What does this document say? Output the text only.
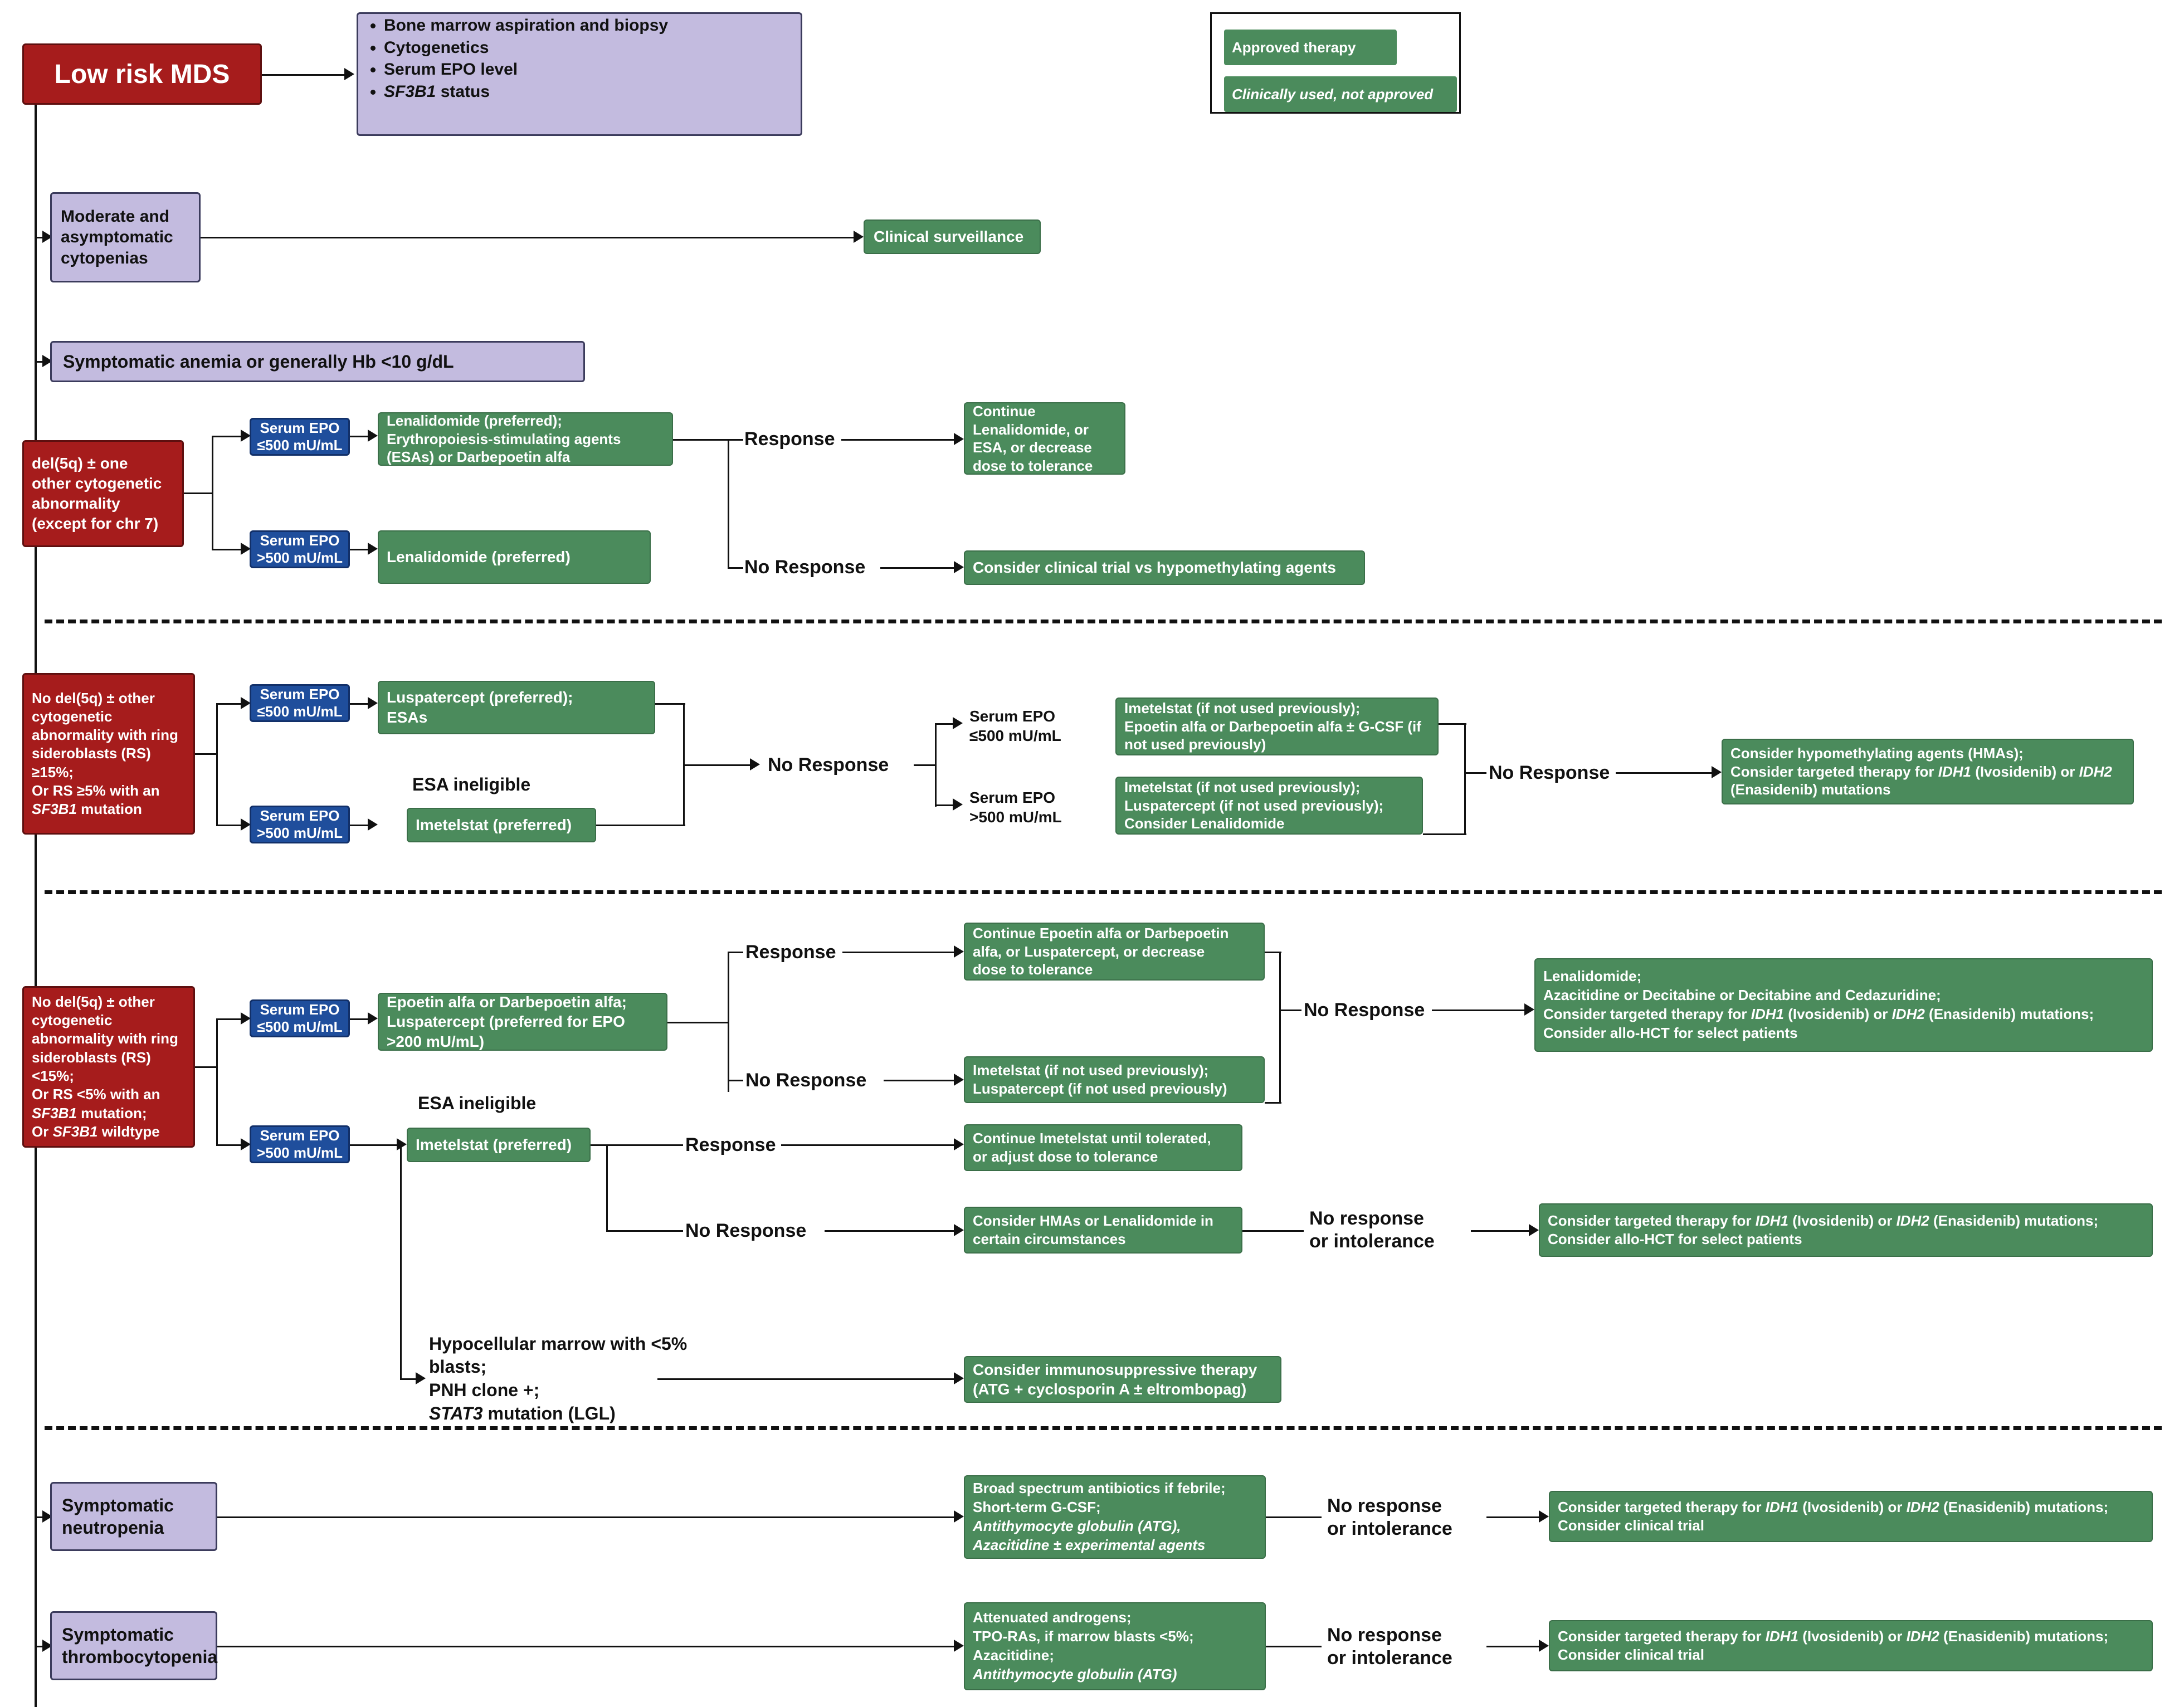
Approved therapy
Clinically used, not approved
Low risk MDS
• Bone marrow aspiration and biopsy
• Cytogenetics
• Serum EPO level
• SF3B1 status
Moderate and
asymptomatic
cytopenias
Clinical surveillance
Symptomatic anemia or generally Hb <10 g/dL
del(5q) ± one
other cytogenetic
abnormality
(except for chr 7)
Serum EPO
≤500 mU/mL
Serum EPO
>500 mU/mL
Lenalidomide (preferred);
Erythropoiesis-stimulating agents
(ESAs) or Darbepoetin alfa
Lenalidomide (preferred)
Response
No Response
Continue
Lenalidomide, or
ESA, or decrease
dose to tolerance
Consider clinical trial vs hypomethylating agents
No del(5q) ± other cytogenetic abnormality with ring sideroblasts (RS) ≥15%;
Or RS ≥5% with an SF3B1 mutation
Serum EPO
≤500 mU/mL
Serum EPO
>500 mU/mL
Luspatercept (preferred);
ESAs
ESA ineligible
Imetelstat (preferred)
No Response
Serum EPO
≤500 mU/mL
Serum EPO
>500 mU/mL
Imetelstat (if not used previously);
Epoetin alfa or Darbepoetin alfa ± G-CSF (if not used previously)
Imetelstat (if not used previously);
Luspatercept (if not used previously);
Consider Lenalidomide
No Response
Consider hypomethylating agents (HMAs);
Consider targeted therapy for IDH1 (Ivosidenib) or IDH2 (Enasidenib) mutations
No del(5q) ± other cytogenetic abnormality with ring sideroblasts (RS) <15%;
Or RS <5% with an SF3B1 mutation;
Or SF3B1 wildtype
Serum EPO
≤500 mU/mL
Serum EPO
>500 mU/mL
Epoetin alfa or Darbepoetin alfa;
Luspatercept (preferred for EPO
>200 mU/mL)
ESA ineligible
Imetelstat (preferred)
Response
No Response
Continue Epoetin alfa or Darbepoetin
alfa, or Luspatercept, or decrease
dose to tolerance
Imetelstat (if not used previously);
Luspatercept (if not used previously)
No Response
Lenalidomide;
Azacitidine or Decitabine or Decitabine and Cedazuridine;
Consider targeted therapy for IDH1 (Ivosidenib) or IDH2 (Enasidenib) mutations;
Consider allo-HCT for select patients
Response
No Response
Continue Imetelstat until tolerated,
or adjust dose to tolerance
Consider HMAs or Lenalidomide in
certain circumstances
No response
or intolerance
Consider targeted therapy for IDH1 (Ivosidenib) or IDH2 (Enasidenib) mutations;
Consider allo-HCT for select patients
Hypocellular marrow with <5% blasts;
PNH clone +;
STAT3 mutation (LGL)
Consider immunosuppressive therapy
(ATG + cyclosporin A ± eltrombopag)
Symptomatic
neutropenia
Broad spectrum antibiotics if febrile;
Short-term G-CSF;
Antithymocyte globulin (ATG),
Azacitidine ± experimental agents
No response
or intolerance
Consider targeted therapy for IDH1 (Ivosidenib) or IDH2 (Enasidenib) mutations;
Consider clinical trial
Symptomatic
thrombocytopenia
Attenuated androgens;
TPO-RAs, if marrow blasts <5%;
Azacitidine;
Antithymocyte globulin (ATG)
No response
or intolerance
Consider targeted therapy for IDH1 (Ivosidenib) or IDH2 (Enasidenib) mutations;
Consider clinical trial
